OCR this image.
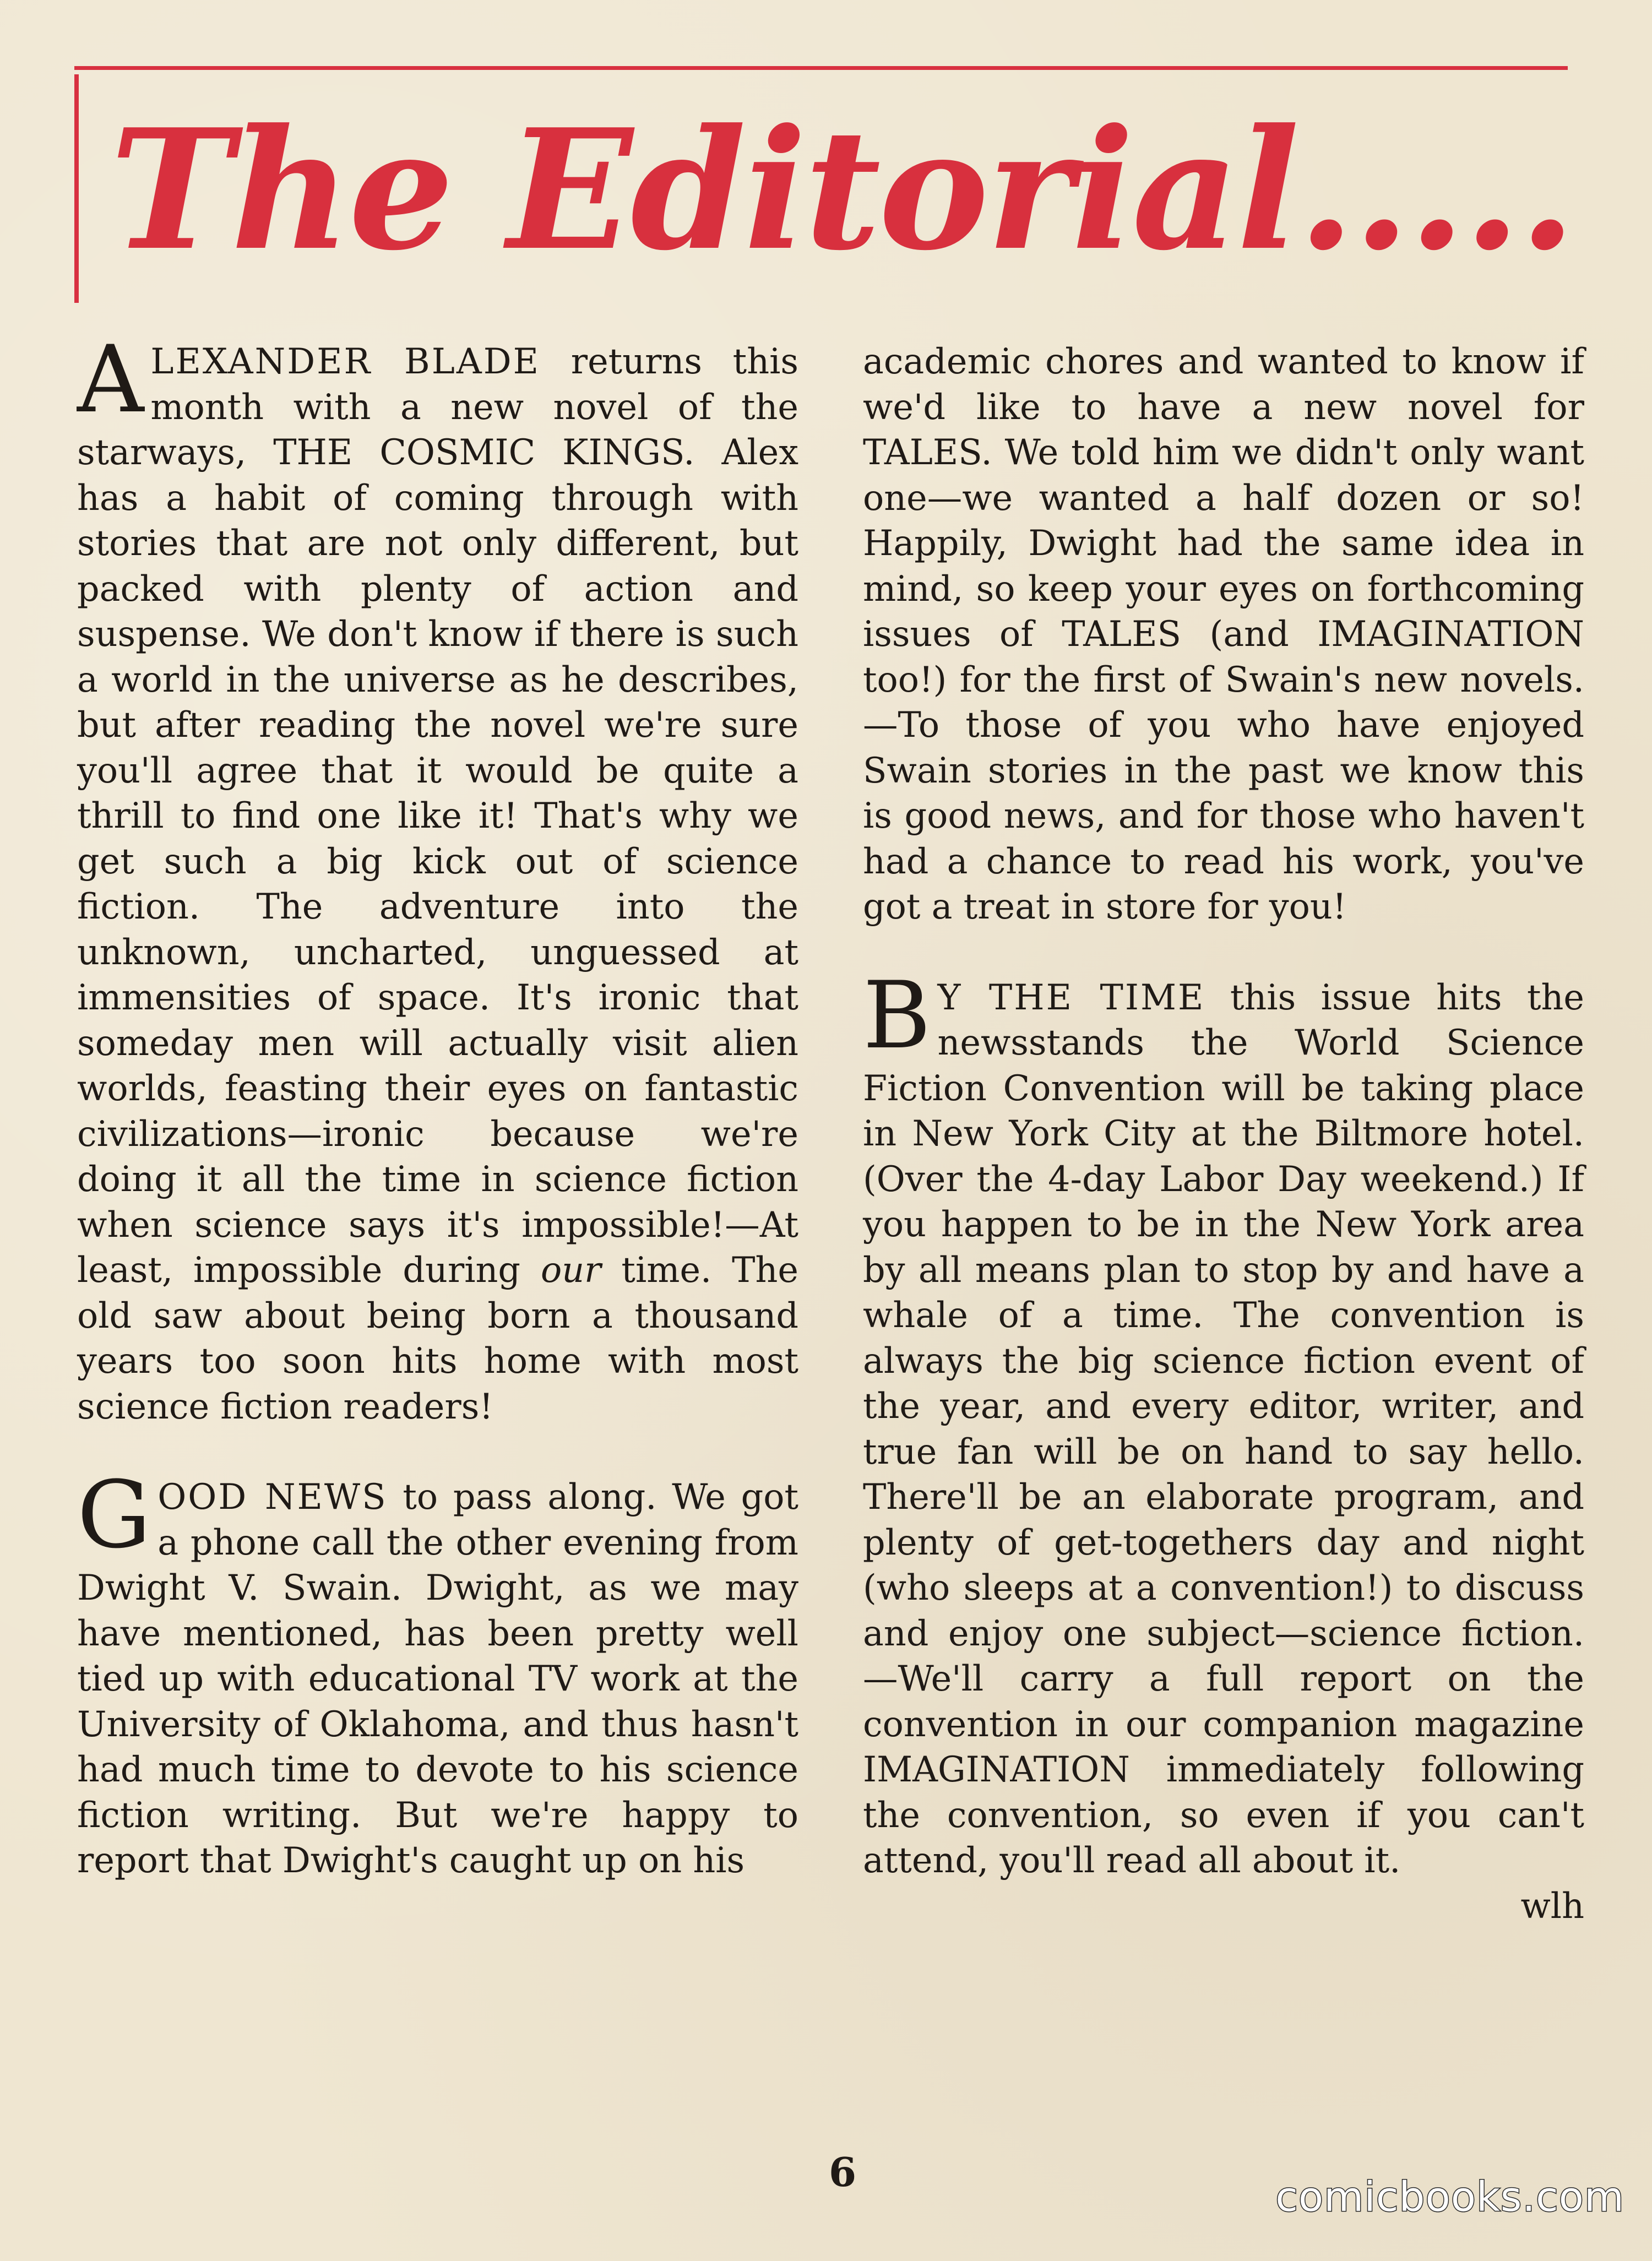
The Editorial.....

ALEXANDER BLADE returns this month with a new novel of the starways, THE COSMIC KINGS. Alex has a habit of coming through with stories that are not only different, but packed with plenty of action and suspense. We don't know if there is such a world in the universe as he describes, but after reading the novel we're sure you'll agree that it would be quite a thrill to find one like it! That's why we get such a big kick out of science fiction. The adventure into the unknown, uncharted, unguessed at immensities of space. It's ironic that someday men will actually visit alien worlds, feasting their eyes on fantastic civilizations—ironic because we're doing it all the time in science fiction when science says it's impossible!—At least, impossible during our time. The old saw about being born a thousand years too soon hits home with most science fiction readers!

GOOD NEWS to pass along. We got a phone call the other evening from Dwight V. Swain. Dwight, as we may have mentioned, has been pretty well tied up with educational TV work at the University of Oklahoma, and thus hasn't had much time to devote to his science fiction writing. But we're happy to report that Dwight's caught up on his

academic chores and wanted to know if we'd like to have a new novel for TALES. We told him we didn't only want one—we wanted a half dozen or so! Happily, Dwight had the same idea in mind, so keep your eyes on forthcoming issues of TALES (and IMAGINATION too!) for the first of Swain's new novels. —To those of you who have enjoyed Swain stories in the past we know this is good news, and for those who haven't had a chance to read his work, you've got a treat in store for you!

B Y THE TIME this issue hits the newsstands the World Science Fiction Convention will be taking place in New York City at the Biltmore hotel. (Over the 4-day Labor Day weekend.) If you happen to be in the New York area by all means plan to stop by and have a whale of a time. The convention is always the big science fiction event of the year, and every editor, writer, and true fan will be on hand to say hello. There'll be an elaborate program, and plenty of get-togethers day and night (who sleeps at a convention!) to discuss and enjoy one subject—science fiction. —We'll carry a full report on the convention in our companion magazine IMAGINATION immediately following the convention, so even if you can't attend, you'll read all about it.

wlh
6
comicbooks.com
